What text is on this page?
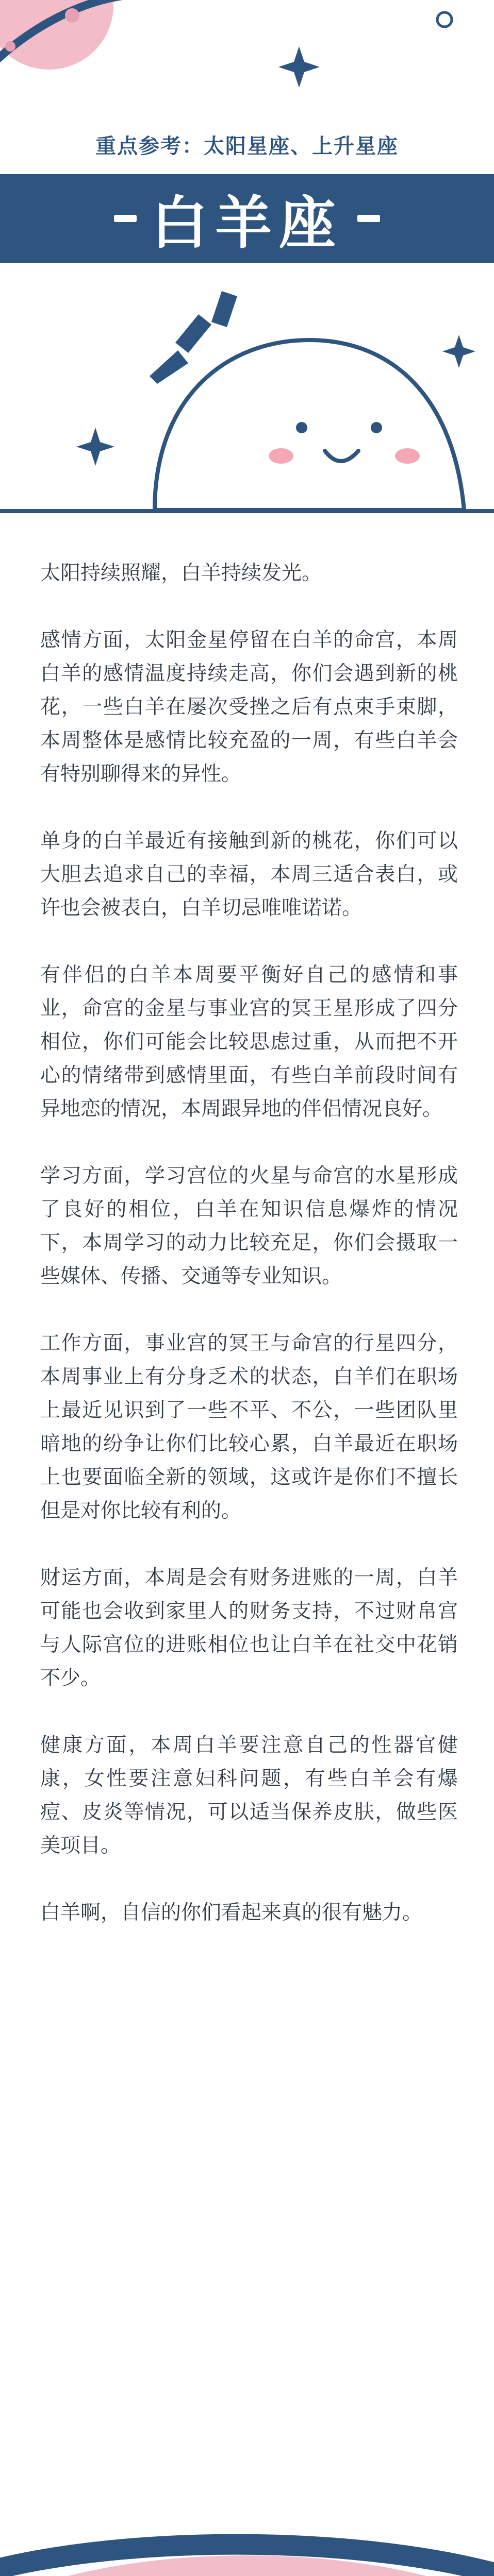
重点参考：太阳星座、上升星座
白羊座

太阳持续照耀，白羊持续发光。

感情方面，太阳金星停留在白羊的命宫，本周白羊的感情温度持续走高，你们会遇到新的桃花，一些白羊在屡次受挫之后有点束手束脚，本周整体是感情比较充盈的一周，有些白羊会有特别聊得来的异性。

单身的白羊最近有接触到新的桃花，你们可以大胆去追求自己的幸福，本周三适合表白，或许也会被表白，白羊切忌唯唯诺诺。

有伴侣的白羊本周要平衡好自己的感情和事业，命宫的金星与事业宫的冥王星形成了四分相位，你们可能会比较思虑过重，从而把不开心的情绪带到感情里面，有些白羊前段时间有异地恋的情况，本周跟异地的伴侣情况良好。

学习方面，学习宫位的火星与命宫的水星形成了良好的相位，白羊在知识信息爆炸的情况下，本周学习的动力比较充足，你们会摄取一些媒体、传播、交通等专业知识。

工作方面，事业宫的冥王与命宫的行星四分，本周事业上有分身乏术的状态，白羊们在职场上最近见识到了一些不平、不公，一些团队里暗地的纷争让你们比较心累，白羊最近在职场上也要面临全新的领域，这或许是你们不擅长但是对你比较有利的。

财运方面，本周是会有财务进账的一周，白羊可能也会收到家里人的财务支持，不过财帛宫与人际宫位的进账相位也让白羊在社交中花销不少。

健康方面，本周白羊要注意自己的性器官健康，女性要注意妇科问题，有些白羊会有爆痘、皮炎等情况，可以适当保养皮肤，做些医美项目。

白羊啊，自信的你们看起来真的很有魅力。
